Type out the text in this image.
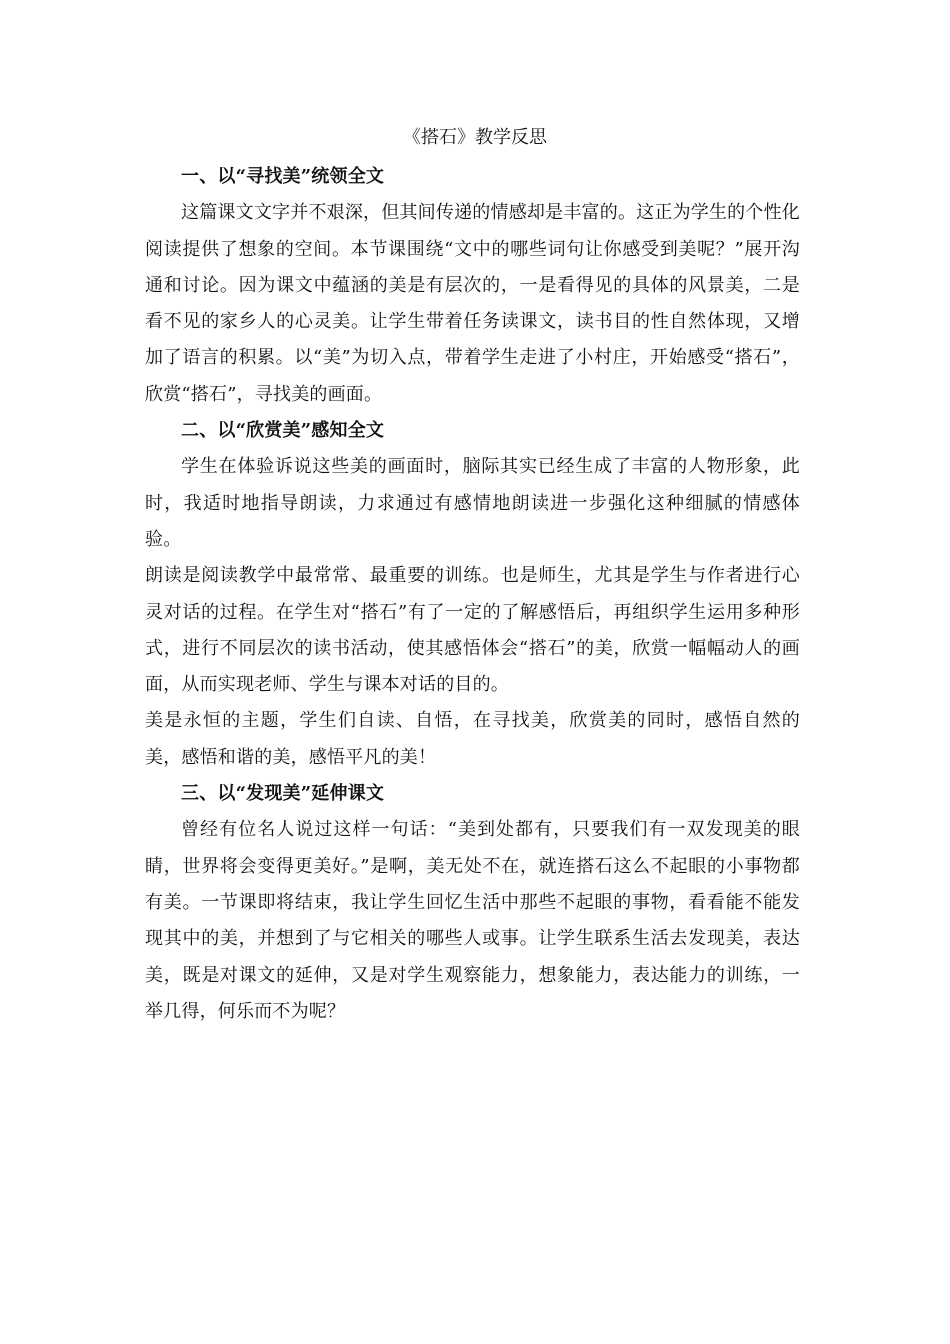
《搭石》教学反思

一、以“寻找美”统领全文

这篇课文文字并不艰深，但其间传递的情感却是丰富的。这正为学生的个性化阅读提供了想象的空间。本节课围绕“文中的哪些词句让你感受到美呢？”展开沟通和讨论。因为课文中蕴涵的美是有层次的，一是看得见的具体的风景美，二是看不见的家乡人的心灵美。让学生带着任务读课文，读书目的性自然体现，又增加了语言的积累。以“美”为切入点，带着学生走进了小村庄，开始感受“搭石”，欣赏“搭石”，寻找美的画面。

二、以“欣赏美”感知全文

学生在体验诉说这些美的画面时，脑际其实已经生成了丰富的人物形象，此时，我适时地指导朗读，力求通过有感情地朗读进一步强化这种细腻的情感体验。

朗读是阅读教学中最常常、最重要的训练。也是师生，尤其是学生与作者进行心灵对话的过程。在学生对“搭石”有了一定的了解感悟后，再组织学生运用多种形式，进行不同层次的读书活动，使其感悟体会“搭石”的美，欣赏一幅幅动人的画面，从而实现老师、学生与课本对话的目的。

美是永恒的主题，学生们自读、自悟，在寻找美，欣赏美的同时，感悟自然的美，感悟和谐的美，感悟平凡的美！

三、以“发现美”延伸课文

曾经有位名人说过这样一句话：“美到处都有，只要我们有一双发现美的眼睛，世界将会变得更美好。”是啊，美无处不在，就连搭石这么不起眼的小事物都有美。一节课即将结束，我让学生回忆生活中那些不起眼的事物，看看能不能发现其中的美，并想到了与它相关的哪些人或事。让学生联系生活去发现美，表达美，既是对课文的延伸，又是对学生观察能力，想象能力，表达能力的训练，一举几得，何乐而不为呢？
